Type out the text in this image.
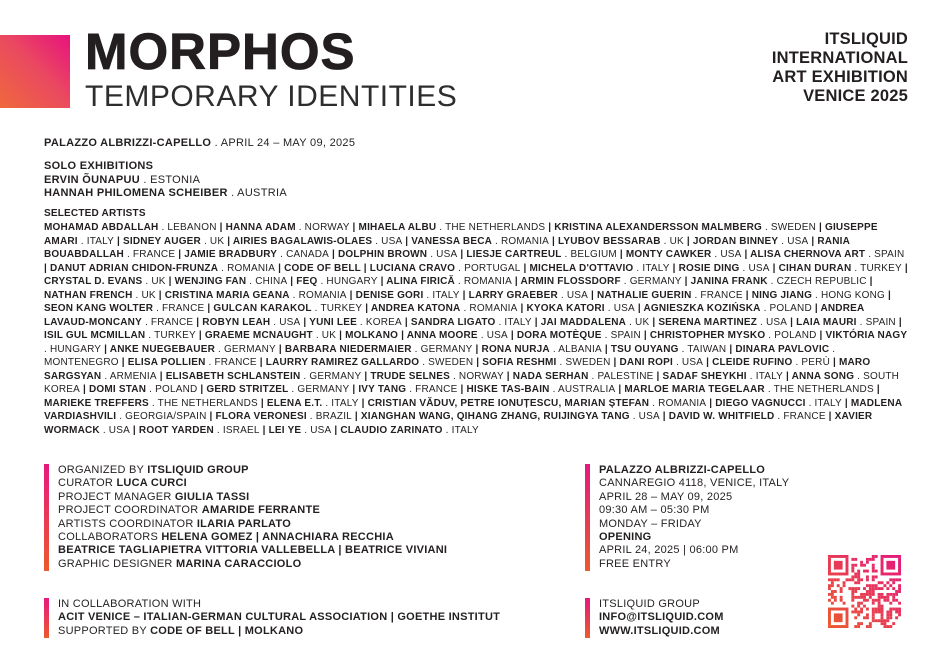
MORPHOS
TEMPORARY IDENTITIES
ITSLIQUID
INTERNATIONAL
ART EXHIBITION
VENICE 2025
PALAZZO ALBRIZZI-CAPELLO . APRIL 24 – MAY 09, 2025
SOLO EXHIBITIONS
ERVIN ÕUNAPUU . ESTONIA
HANNAH PHILOMENA SCHEIBER . AUSTRIA
SELECTED ARTISTS
MOHAMAD ABDALLAH . LEBANON | HANNA ADAM . NORWAY | MIHAELA ALBU . THE NETHERLANDS | KRISTINA ALEXANDERSSON MALMBERG . SWEDEN | GIUSEPPE AMARI . ITALY | SIDNEY AUGER . UK | AIRIES BAGALAWIS-OLAES . USA | VANESSA BECA . ROMANIA | LYUBOV BESSARAB . UK | JORDAN BINNEY . USA | RANIA BOUABDALLAH . FRANCE | JAMIE BRADBURY . CANADA | DOLPHIN BROWN . USA | LIESJE CARTREUL . BELGIUM | MONTY CAWKER . USA | ALISA CHERNOVA ART . SPAIN | DANUT ADRIAN CHIDON-FRUNZA . ROMANIA | CODE OF BELL | LUCIANA CRAVO . PORTUGAL | MICHELA D'OTTAVIO . ITALY | ROSIE DING . USA | CIHAN DURAN . TURKEY | CRYSTAL D. EVANS . UK | WENJING FAN . CHINA | FEQ . HUNGARY | ALINA FIRICĂ . ROMANIA | ARMIN FLOSSDORF . GERMANY | JANINA FRANK . CZECH REPUBLIC | NATHAN FRENCH . UK | CRISTINA MARIA GEANA . ROMANIA | DENISE GORI . ITALY | LARRY GRAEBER . USA | NATHALIE GUERIN . FRANCE | NING JIANG . HONG KONG | SEON KANG WOLTER . FRANCE | GULCAN KARAKOL . TURKEY | ANDREA KATONA . ROMANIA | KYOKA KATORI . USA | AGNIESZKA KOZIŃSKA . POLAND | ANDREA LAVAUD-MONCANY . FRANCE | ROBYN LEAH . USA | YUNI LEE . KOREA | SANDRA LIGATO . ITALY | JAI MADDALENA . UK | SERENA MARTINEZ . USA | LAIA MAURI . SPAIN | ISIL GUL MCMILLAN . TURKEY | GRAEME MCNAUGHT . UK | MOLKANO | ANNA MOORE . USA | DORA MOTÈQUE . SPAIN | CHRISTOPHER MYSKO . POLAND | VIKTÓRIA NAGY . HUNGARY | ANKE NUEGEBAUER . GERMANY | BARBARA NIEDERMAIER . GERMANY | RONA NURJA . ALBANIA | TSU OUYANG . TAIWAN | DINARA PAVLOVIC . MONTENEGRO | ELISA POLLIEN . FRANCE | LAURRY RAMIREZ GALLARDO . SWEDEN | SOFIA RESHMI . SWEDEN | DANI ROPI . USA | CLEIDE RUFINO . PERÙ | MARO SARGSYAN . ARMENIA | ELISABETH SCHLANSTEIN . GERMANY | TRUDE SELNES . NORWAY | NADA SERHAN . PALESTINE | SADAF SHEYKHI . ITALY | ANNA SONG . SOUTH KOREA | DOMI STAN . POLAND | GERD STRITZEL . GERMANY | IVY TANG . FRANCE | HISKE TAS-BAIN . AUSTRALIA | MARLOE MARIA TEGELAAR . THE NETHERLANDS | MARIEKE TREFFERS . THE NETHERLANDS | ELENA E.T. . ITALY | CRISTIAN VĂDUV, PETRE IONUȚESCU, MARIAN ȘTEFAN . ROMANIA | DIEGO VAGNUCCI . ITALY | MADLENA VARDIASHVILI . GEORGIA/SPAIN | FLORA VERONESI . BRAZIL | XIANGHAN WANG, QIHANG ZHANG, RUIJINGYA TANG . USA | DAVID W. WHITFIELD . FRANCE | XAVIER WORMACK . USA | ROOT YARDEN . ISRAEL | LEI YE . USA | CLAUDIO ZARINATO . ITALY
ORGANIZED BY ITSLIQUID GROUP
CURATOR LUCA CURCI
PROJECT MANAGER GIULIA TASSI
PROJECT COORDINATOR AMARIDE FERRANTE
ARTISTS COORDINATOR ILARIA PARLATO
COLLABORATORS HELENA GOMEZ | ANNACHIARA RECCHIA
BEATRICE TAGLIAPIETRA VITTORIA VALLEBELLA | BEATRICE VIVIANI
GRAPHIC DESIGNER MARINA CARACCIOLO
IN COLLABORATION WITH
ACIT VENICE – ITALIAN-GERMAN CULTURAL ASSOCIATION | GOETHE INSTITUT
SUPPORTED BY CODE OF BELL | MOLKANO
PALAZZO ALBRIZZI-CAPELLO
CANNAREGIO 4118, VENICE, ITALY
APRIL 28 – MAY 09, 2025
09:30 AM – 05:30 PM
MONDAY – FRIDAY
OPENING
APRIL 24, 2025 | 06:00 PM
FREE ENTRY
ITSLIQUID GROUP
INFO@ITSLIQUID.COM
WWW.ITSLIQUID.COM
